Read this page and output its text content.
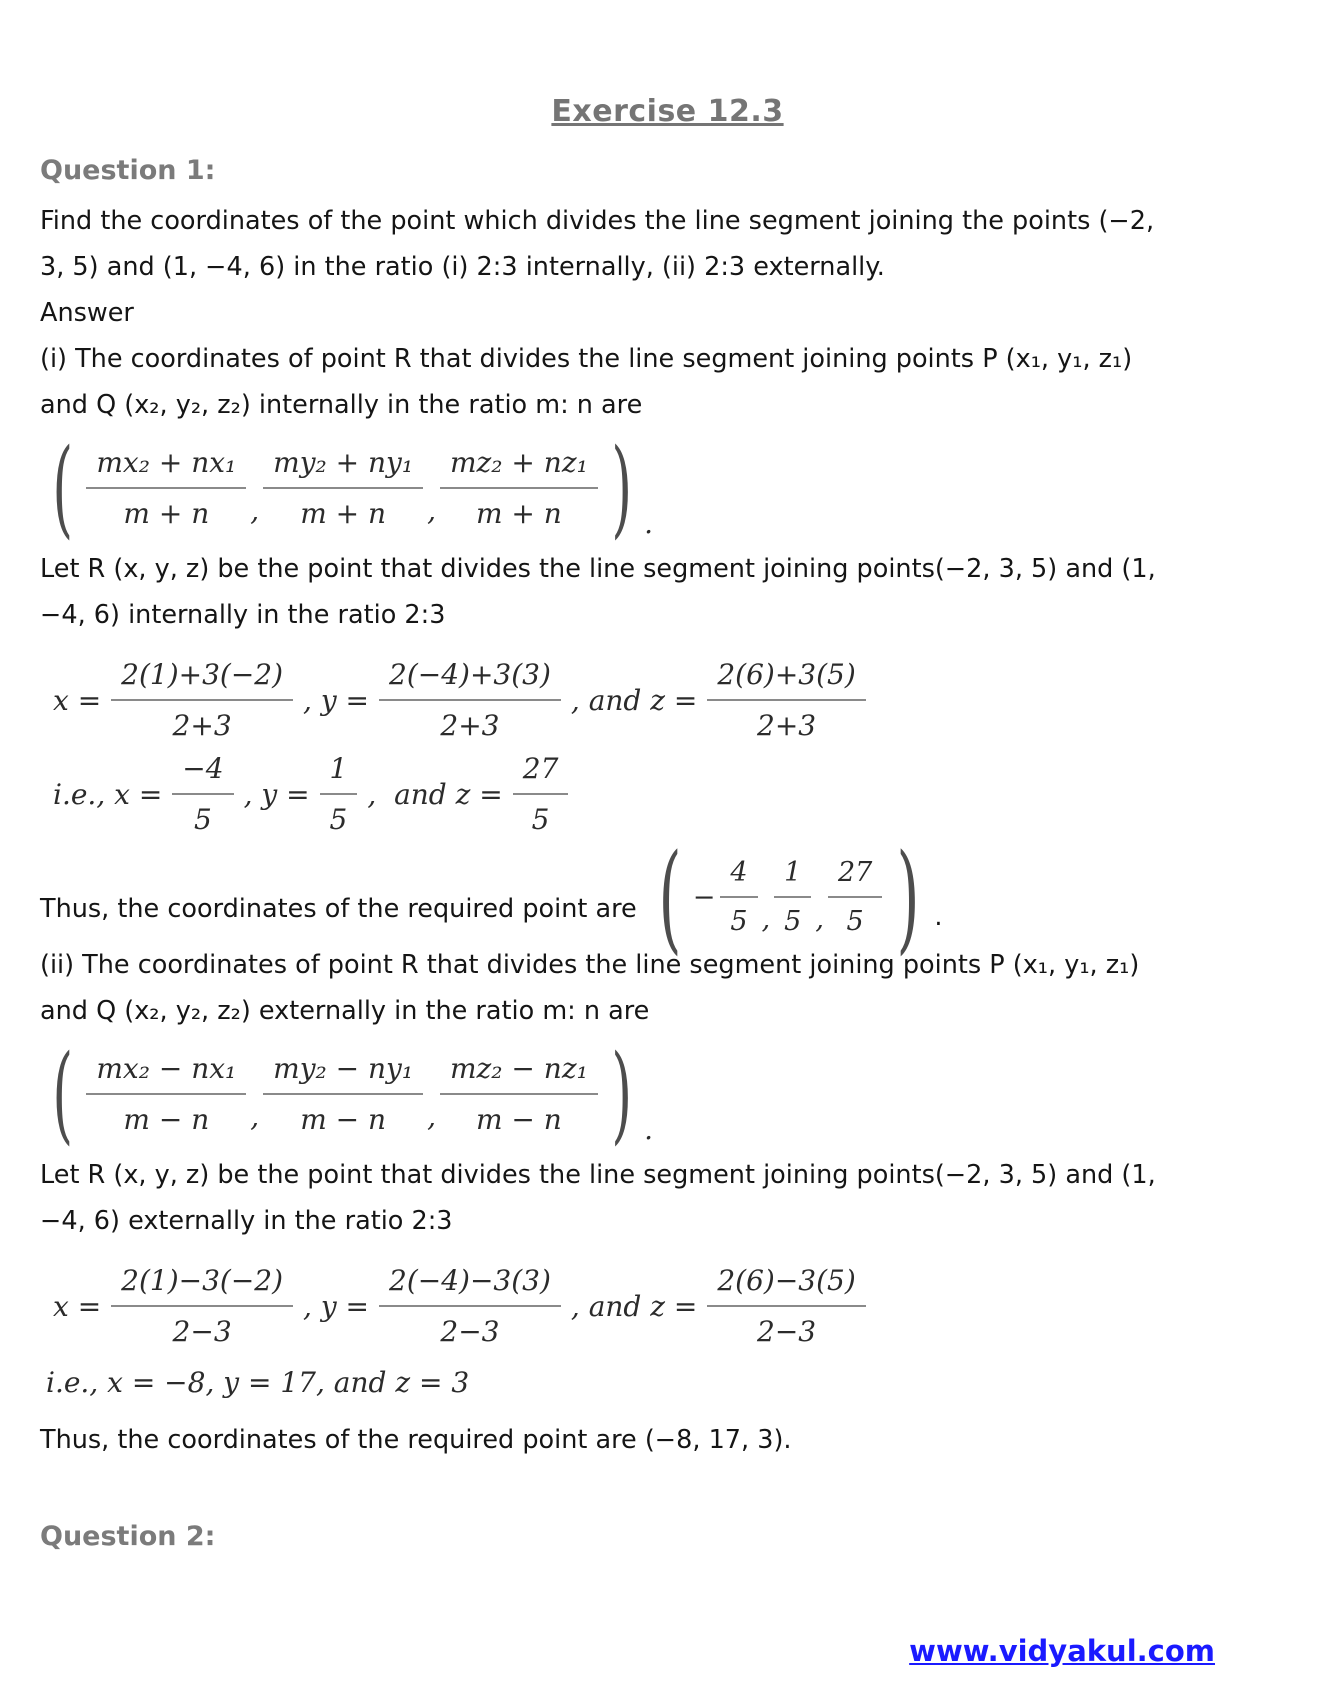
Exercise 12.3
Question 1:

Find the coordinates of the point which divides the line segment joining the points (−2,
3, 5) and (1, −4, 6) in the ratio (i) 2:3 internally, (ii) 2:3 externally.

Answer

(i) The coordinates of point R that divides the line segment joining points P (x₁, y₁, z₁)
and Q (x₂, y₂, z₂) internally in the ratio m: n are

( $\frac{\text{mx₂ + nx₁}}{m + n}$ , $\frac{\text{my₂ + ny₁}}{m + n}$ , $\frac{\text{mz₂ + nz₁}}{m + n}$ ) .

Let R (x, y, z) be the point that divides the line segment joining points(−2, 3, 5) and (1,
−4, 6) internally in the ratio 2:3

$x = \frac{2(1)+3(-2)}{2+3}$ , $y = \frac{2(-4)+3(3)}{2+3}$ , and $z = \frac{2(6)+3(5)}{2+3}$
i.e., $x = \frac{-4}{5}$ , $y = \frac{1}{5}$ ,  and $z = \frac{27}{5}$
Thus, the coordinates of the required point are ( − $\frac{4}{5}$ , $\frac{1}{5}$ , $\frac{27}{5}$ ) .

(ii) The coordinates of point R that divides the line segment joining points P (x₁, y₁, z₁)
and Q (x₂, y₂, z₂) externally in the ratio m: n are

( $\frac{\text{mx₂ − nx₁}}{m - n}$ , $\frac{\text{my₂ − ny₁}}{m - n}$ , $\frac{\text{mz₂ − nz₁}}{m - n}$ ) .

Let R (x, y, z) be the point that divides the line segment joining points(−2, 3, 5) and (1,
−4, 6) externally in the ratio 2:3

$x = \frac{2(1)-3(-2)}{2-3}$ , $y = \frac{2(-4)-3(3)}{2-3}$ , and $z = \frac{2(6)-3(5)}{2-3}$
i.e., x = −8, y = 17, and z = 3

Thus, the coordinates of the required point are (−8, 17, 3).

Question 2:
www.vidyakul.com
